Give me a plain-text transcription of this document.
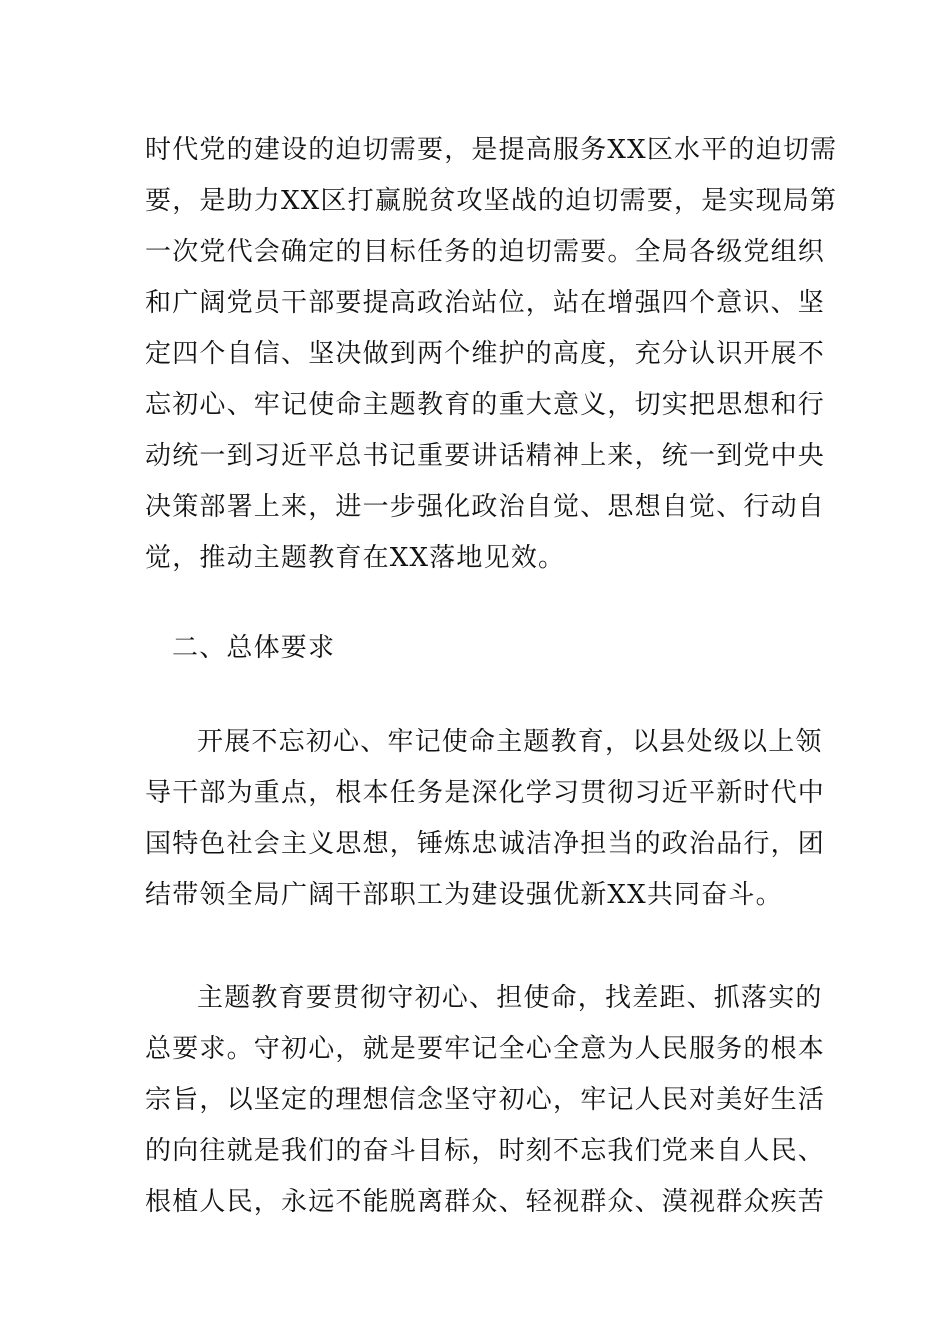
时代党的建设的迫切需要，是提高服务XX区水平的迫切需
要，是助力XX区打赢脱贫攻坚战的迫切需要，是实现局第
一次党代会确定的目标任务的迫切需要。全局各级党组织
和广阔党员干部要提高政治站位，站在增强四个意识、坚
定四个自信、坚决做到两个维护的高度，充分认识开展不
忘初心、牢记使命主题教育的重大意义，切实把思想和行
动统一到习近平总书记重要讲话精神上来，统一到党中央
决策部署上来，进一步强化政治自觉、思想自觉、行动自
觉，推动主题教育在XX落地见效。
二、总体要求
开展不忘初心、牢记使命主题教育，以县处级以上领
导干部为重点，根本任务是深化学习贯彻习近平新时代中
国特色社会主义思想，锤炼忠诚洁净担当的政治品行，团
结带领全局广阔干部职工为建设强优新XX共同奋斗。
主题教育要贯彻守初心、担使命，找差距、抓落实的
总要求。守初心，就是要牢记全心全意为人民服务的根本
宗旨，以坚定的理想信念坚守初心，牢记人民对美好生活
的向往就是我们的奋斗目标，时刻不忘我们党来自人民、
根植人民，永远不能脱离群众、轻视群众、漠视群众疾苦
